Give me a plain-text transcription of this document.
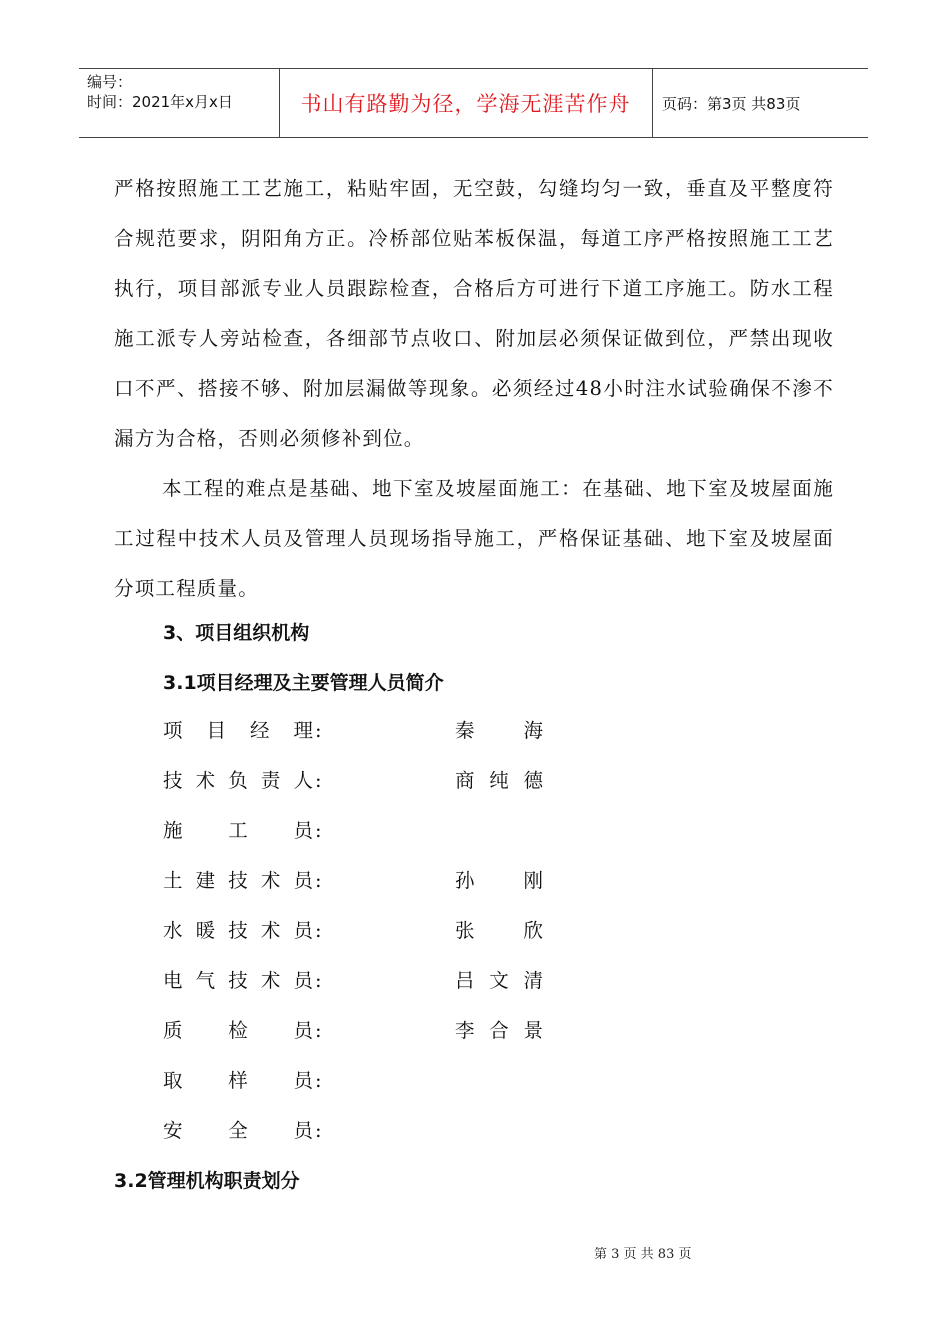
编号：
时间：2021年x月x日	书山有路勤为径，学海无涯苦作舟	页码：第3页 共83页

严格按照施工工艺施工，粘贴牢固，无空鼓，勾缝均匀一致，垂直及平整度符合规范要求，阴阳角方正。冷桥部位贴苯板保温，每道工序严格按照施工工艺执行，项目部派专业人员跟踪检查，合格后方可进行下道工序施工。防水工程施工派专人旁站检查，各细部节点收口、附加层必须保证做到位，严禁出现收口不严、搭接不够、附加层漏做等现象。必须经过48小时注水试验确保不渗不漏方为合格，否则必须修补到位。

本工程的难点是基础、地下室及坡屋面施工：在基础、地下室及坡屋面施工过程中技术人员及管理人员现场指导施工，严格保证基础、地下室及坡屋面分项工程质量。

3、项目组织机构
3.1项目经理及主要管理人员简介
项 目 经 理 :	秦	海
技 术 负 责 人 :	商 纯 德
施 工 员 :
土 建 技 术 员 :	孙	刚
水 暖 技 术 员 :	张	欣
电 气 技 术 员 :	吕 文 清
质 检 员 :	李 合 景
取 样 员 :
安 全 员 :
3.2管理机构职责划分
第 3 页 共 83 页
